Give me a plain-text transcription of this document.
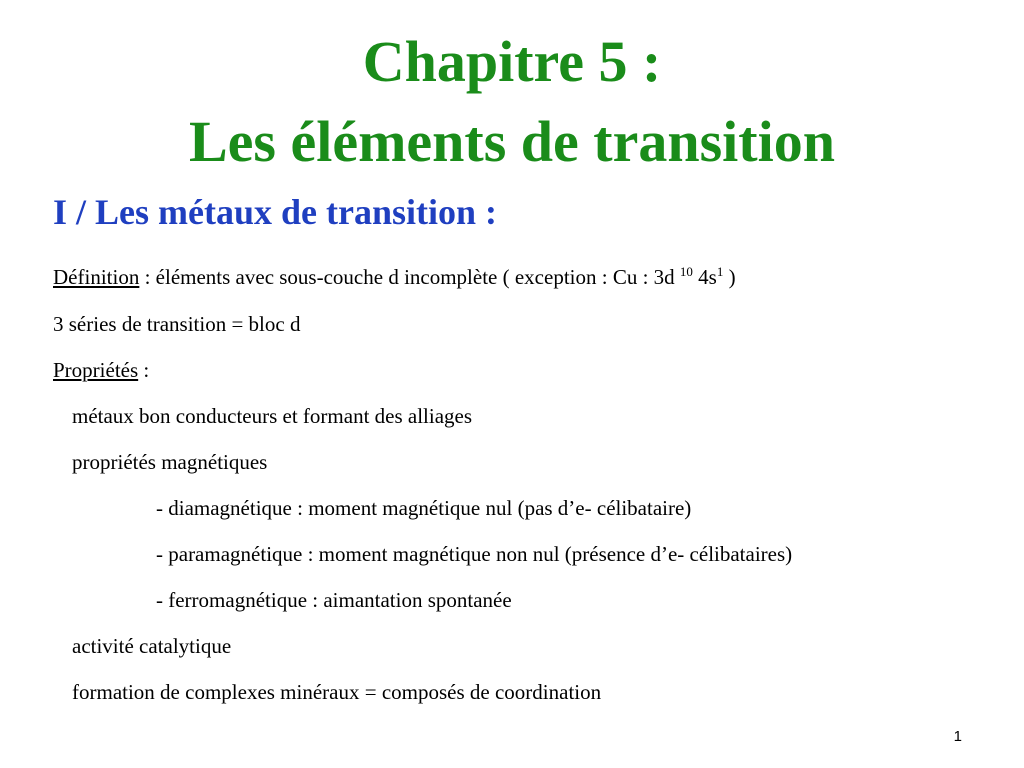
Chapitre 5 :
Les éléments de transition
I / Les métaux de transition :
Définition : éléments avec sous-couche d incomplète ( exception : Cu : 3d $^{10}$ $4s^1$ )
3 séries de transition = bloc d
Propriétés :
métaux bon conducteurs et formant des alliages
propriétés magnétiques
- diamagnétique : moment magnétique nul (pas d’e- célibataire)
- paramagnétique : moment magnétique non nul (présence d’e- célibataires)
- ferromagnétique : aimantation spontanée
activité catalytique
formation de complexes minéraux = composés de coordination
1
